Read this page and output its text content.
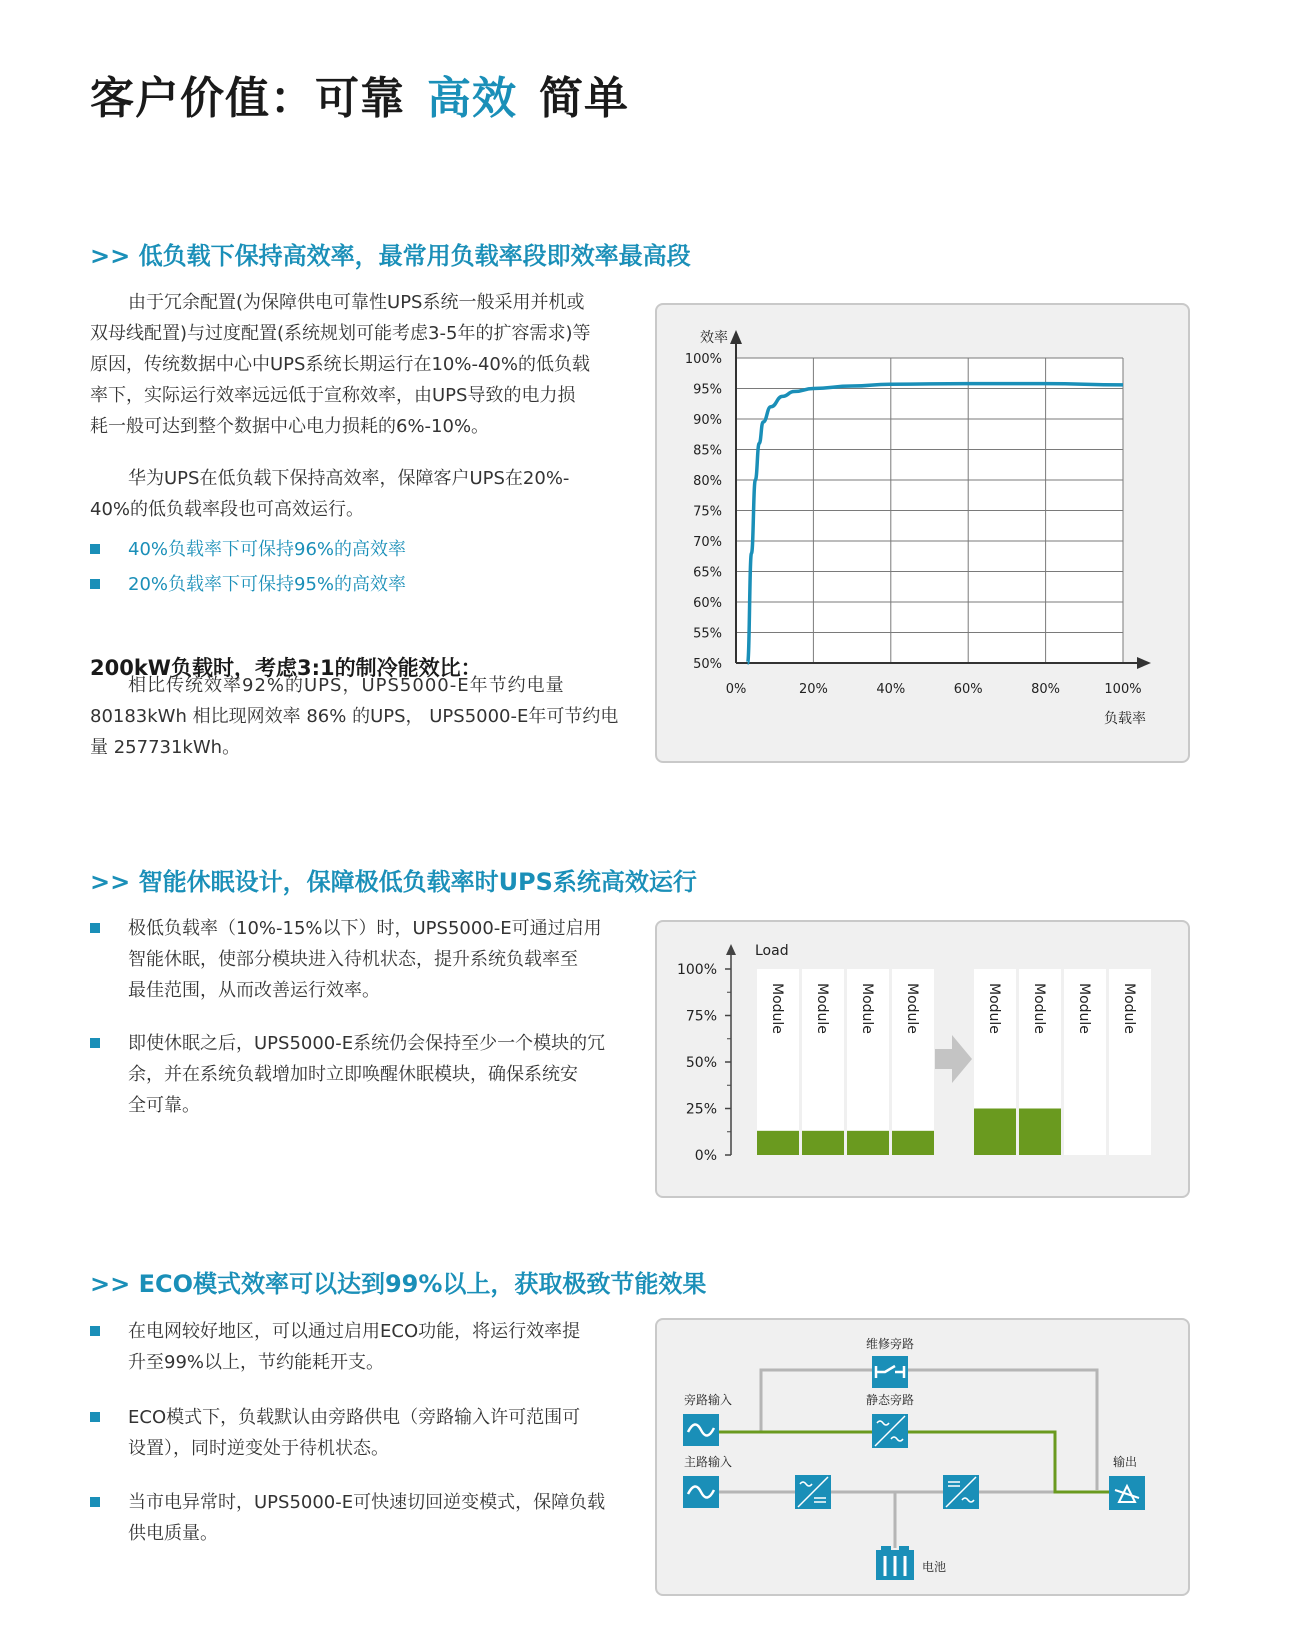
客户价值：可靠 高效 简单
>> 低负载下保持高效率，最常用负载率段即效率最高段
由于冗余配置(为保障供电可靠性UPS系统一般采用并机或
双母线配置)与过度配置(系统规划可能考虑3-5年的扩容需求)等
原因，传统数据中心中UPS系统长期运行在10%-40%的低负载
率下，实际运行效率远远低于宣称效率，由UPS导致的电力损
耗一般可达到整个数据中心电力损耗的6%-10%。
华为UPS在低负载下保持高效率，保障客户UPS在20%-
40%的低负载率段也可高效运行。
40%负载率下可保持96%的高效率
20%负载率下可保持95%的高效率
200kW负载时，考虑3:1的制冷能效比：
相比传统效率92%的UPS，UPS5000-E年节约电量
80183kWh 相比现网效率 86% 的UPS， UPS5000-E年可节约电
量 257731kWh。
50%
55%
60%
65%
70%
75%
80%
85%
90%
95%
100%
0%	20%	40%	60%	80%	100%
效率
负载率
>> 智能休眠设计，保障极低负载率时UPS系统高效运行
极低负载率（10%-15%以下）时，UPS5000-E可通过启用
智能休眠，使部分模块进入待机状态，提升系统负载率至
最佳范围，从而改善运行效率。
即使休眠之后，UPS5000-E系统仍会保持至少一个模块的冗
余，并在系统负载增加时立即唤醒休眠模块，确保系统安
全可靠。
Load
100%
75%
50%
25%
0%
Module Module Module Module	Module Module Module Module
>> ECO模式效率可以达到99%以上，获取极致节能效果
在电网较好地区，可以通过启用ECO功能，将运行效率提
升至99%以上，节约能耗开支。
ECO模式下，负载默认由旁路供电（旁路输入许可范围可
设置），同时逆变处于待机状态。
当市电异常时，UPS5000-E可快速切回逆变模式，保障负载
供电质量。
维修旁路
旁路输入	静态旁路
主路输入	输出
电池
